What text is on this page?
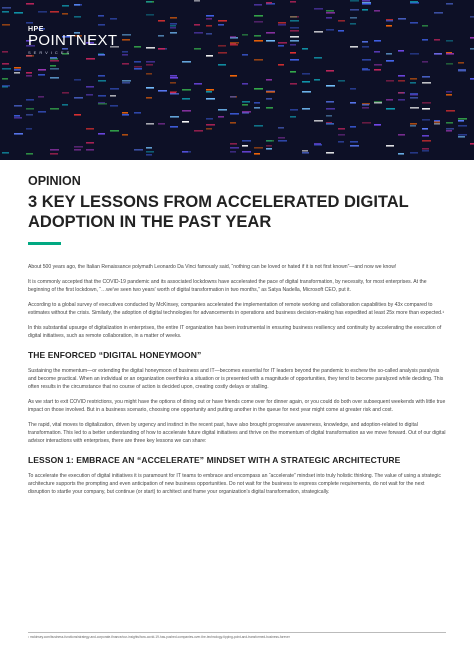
HPE
POINTNEXT
SERVICES
OPINION
3 KEY LESSONS FROM ACCELERATED DIGITAL ADOPTION IN THE PAST YEAR

About 500 years ago, the Italian Renaissance polymath Leonardo Da Vinci famously said, “nothing can be loved or hated if it is not first known”—and now we know!

It is commonly accepted that the COVID-19 pandemic and its associated lockdowns have accelerated the pace of digital transformation, by necessity, for most enterprises. At the beginning of the first lockdown, “…we've seen two years' worth of digital transformation in two months,” as Satya Nadella, Microsoft CEO, put it.

According to a global survey of executives conducted by McKinsey, companies accelerated the implementation of remote working and collaboration capabilities by 43x compared to estimates without the crisis. Similarly, the adoption of digital technologies for advancements in operations and business decision-making has expedited at least 25x more than expected.¹

In this substantial upsurge of digitalization in enterprises, the entire IT organization has been instrumental in ensuring business resiliency and continuity by accelerating the execution of digital initiatives, such as remote collaboration, in a matter of weeks.

THE ENFORCED “DIGITAL HONEYMOON”

Sustaining the momentum—or extending the digital honeymoon of business and IT—becomes essential for IT leaders beyond the pandemic to eschew the so-called analysis paralysis and become practical. When an individual or an organization overthinks a situation or is presented with a magnitude of opportunities, they tend to become paralyzed while deciding. This often results in the circumstance that no course of action is decided upon, creating costly delays or stalling.

As we start to exit COVID restrictions, you might have the options of dining out or have friends come over for dinner again, or you could do both over subsequent weekends with little true impact on those involved. But in a business scenario, choosing one opportunity and putting another in the queue for next year might come at greater risk and cost.

The rapid, vital moves to digitalization, driven by urgency and instinct in the recent past, have also brought progressive awareness, knowledge, and adoption-related to digital transformation. This led to a better understanding of how to accelerate future digital initiatives and thrive on the momentum of digital transformation as we move forward. Out of our digital advisor interactions with enterprises, there are three key lessons we can share:

LESSON 1: EMBRACE AN “ACCELERATE” MINDSET WITH A STRATEGIC ARCHITECTURE

To accelerate the execution of digital initiatives it is paramount for IT teams to embrace and encompass an “accelerate” mindset into truly holistic thinking. The value of using a strategic architecture supports the prompting and even anticipation of new business opportunities. Do not wait for the business to express complete requirements, do not wait for the next disruption to startle your company, but continue (or start) to architect and frame your organization's digital transformation, strategically.

¹ mckinsey.com/business-functions/strategy-and-corporate-finance/our-insights/how-covid-19-has-pushed-companies-over-the-technology-tipping-point-and-transformed-business-forever
